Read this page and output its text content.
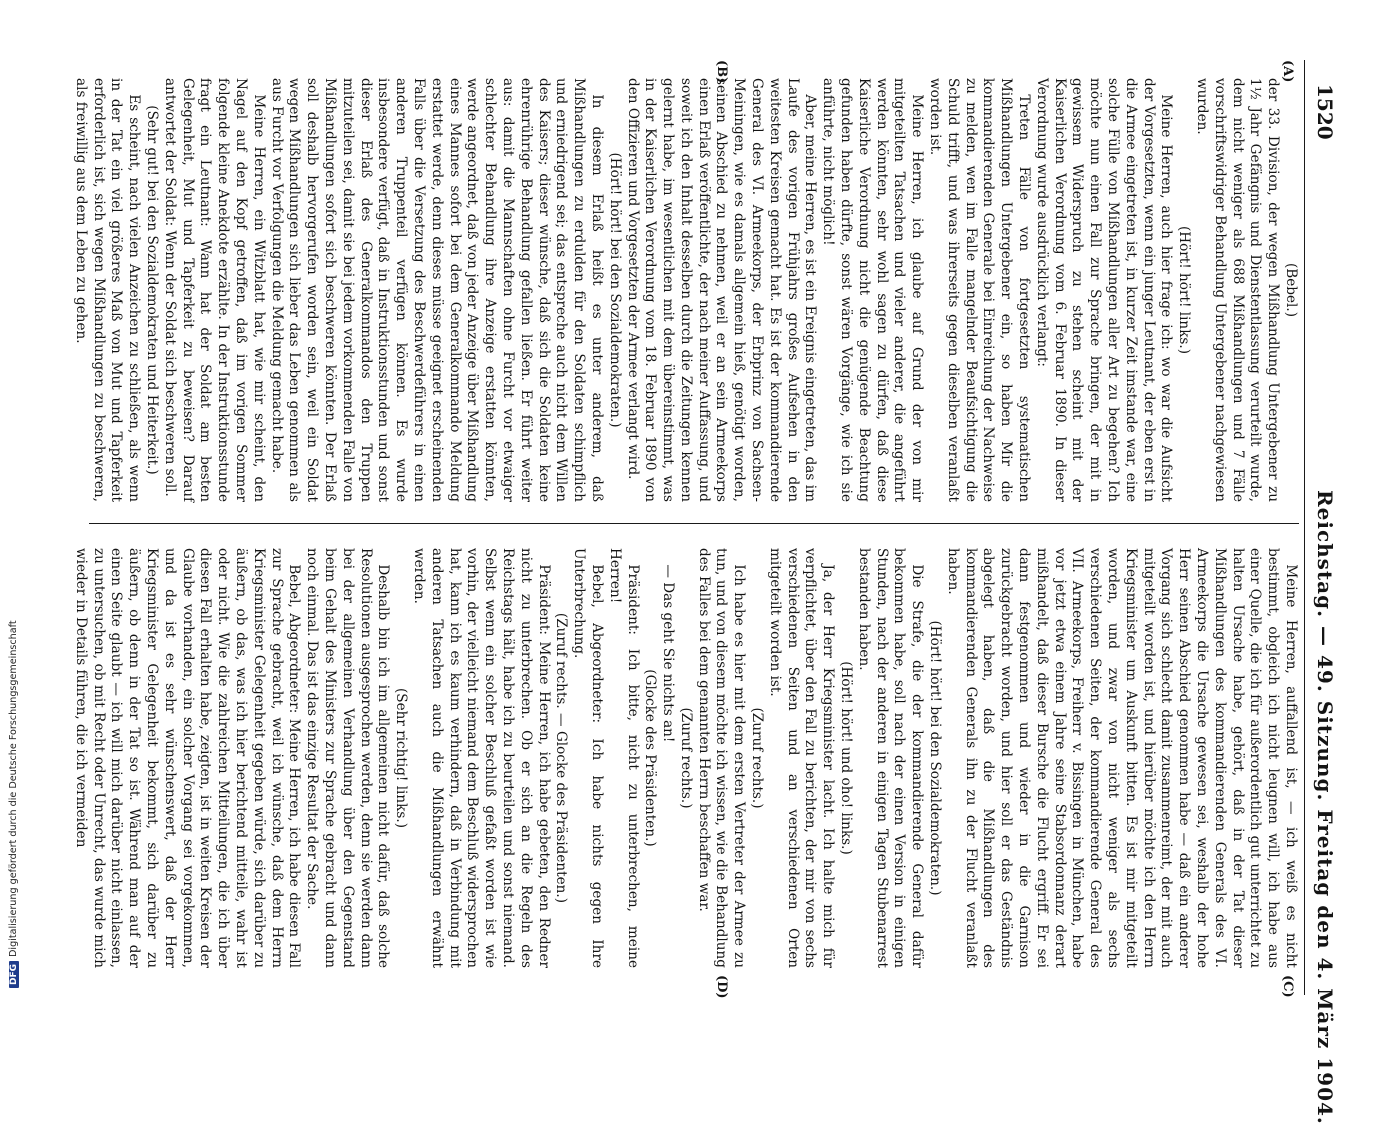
1520
Reichstag. — 49. Sitzung. Freitag den 4. März 1904.
(A)
(B)
(C)
(D)

(Bebel.)

der 33. Division, der wegen Mißhandlung Untergebener zu 1½ Jahr Gefängnis und Dienstentlassung verurteilt wurde, dem nicht weniger als 688 Mißhandlungen und 7 Fälle vorschriftswidriger Behandlung Untergebener nachgewiesen wurden.

(Hört! hört! links.)

Meine Herren, auch hier frage ich: wo war die Aufsicht der Vorgesetzten, wenn ein junger Leutnant, der eben erst in die Armee eingetreten ist, in kurzer Zeit imstande war, eine solche Fülle von Mißhandlungen aller Art zu begehen? Ich möchte nun einen Fall zur Sprache bringen, der mit in gewissem Widerspruch zu stehen scheint mit der Kaiserlichen Verordnung vom 6. Februar 1890. In dieser Verordnung wurde ausdrücklich verlangt:

Treten Fälle von fortgesetzten systematischen Mißhandlungen Untergebener ein, so haben Mir die kommandierenden Generale bei Einreichung der Nachweise zu melden, wen im Falle mangelnder Beaufsichtigung die Schuld trifft, und was ihrerseits gegen dieselben veranlaßt worden ist.

Meine Herren, ich glaube auf Grund der von mir mitgeteilten Tatsachen und vieler anderer, die angeführt werden könnten, sehr wohl sagen zu dürfen, daß diese Kaiserliche Verordnung nicht die genügende Beachtung gefunden haben dürfte, sonst wären Vorgänge, wie ich sie anführte, nicht möglich!

Aber, meine Herren, es ist ein Ereignis eingetreten, das im Laufe des vorigen Frühjahrs großes Aufsehen in den weitesten Kreisen gemacht hat. Es ist der kommandierende General des VI. Armeekorps, der Erbprinz von Sachsen-Meiningen, wie es damals allgemein hieß, genötigt worden, seinen Abschied zu nehmen, weil er an sein Armeekorps einen Erlaß veröffentlichte, der nach meiner Auffassung, und soweit ich den Inhalt desselben durch die Zeitungen kennen gelernt habe, im wesentlichen mit dem übereinstimmt, was in der Kaiserlichen Verordnung vom 18. Februar 1890 von den Offizieren und Vorgesetzten der Armee verlangt wird.

(Hört! hört! bei den Sozialdemokraten.)

In diesem Erlaß heißt es unter anderem, daß Mißhandlungen zu erdulden für den Soldaten schimpflich und erniedrigend sei; das entspreche auch nicht dem Willen des Kaisers; dieser wünsche, daß sich die Soldaten keine ehrenrührige Behandlung gefallen ließen. Er führt weiter aus: damit die Mannschaften ohne Furcht vor etwaiger schlechter Behandlung ihre Anzeige erstatten könnten, werde angeordnet, daß von jeder Anzeige über Mißhandlung eines Mannes sofort bei dem Generalkommando Meldung erstattet werde, denn dieses müsse geeignet erscheinenden Falls über die Versetzung des Beschwerdeführers in einen anderen Truppenteil verfügen können. Es wurde insbesondere verfügt, daß in Instruktionsstunden und sonst dieser Erlaß des Generalkommandos den Truppen mitzuteilen sei, damit sie bei jedem vorkommenden Falle von Mißhandlungen sofort sich beschweren könnten. Der Erlaß soll deshalb hervorgerufen worden sein, weil ein Soldat wegen Mißhandlungen sich lieber das Leben genommen als aus Furcht vor Verfolgungen die Meldung gemacht habe.

Meine Herren, ein Witzblatt hat, wie mir scheint, den Nagel auf den Kopf getroffen, daß im vorigen Sommer folgende kleine Anekdote erzählte. In der Instruktionsstunde fragt ein Leutnant: Wann hat der Soldat am besten Gelegenheit, Mut und Tapferkeit zu beweisen? Darauf antwortet der Soldat: Wenn der Soldat sich beschweren soll.

(Sehr gut! bei den Sozialdemokraten und Heiterkeit.)

Es scheint, nach vielen Anzeichen zu schließen, als wenn in der Tat ein viel größeres Maß von Mut und Tapferkeit erforderlich ist, sich wegen Mißhandlungen zu beschweren, als freiwillig aus dem Leben zu gehen.

Meine Herren, auffallend ist, — ich weiß es nicht bestimmt, obgleich ich nicht leugnen will, ich habe aus einer Quelle, die ich für außerordentlich gut unterrichtet zu halten Ursache habe, gehört, daß in der Tat dieser Mißhandlungen des kommandierenden Generals des VI. Armeekorps die Ursache gewesen sei, weshalb der hohe Herr seinen Abschied genommen habe — daß ein anderer Vorgang sich schlecht damit zusammenreimt, der mit auch mitgeteilt worden ist, und hierüber möchte ich den Herrn Kriegsminister um Auskunft bitten. Es ist mir mitgeteilt worden, und zwar von nicht weniger als sechs verschiedenen Seiten, der kommandierende General des VII. Armeekorps, Freiherr v. Bissingen in München, habe vor jetzt etwa einem Jahre seine Stabsordonnanz derart mißhandelt, daß dieser Bursche die Flucht ergriff. Er sei dann festgenommen und wieder in die Garnison zurückgebracht worden, und hier soll er das Geständnis abgelegt haben, daß die Mißhandlungen des kommandierenden Generals ihn zu der Flucht veranlaßt haben.

(Hört! hört! bei den Sozialdemokraten.)

Die Strafe, die der kommandierende General dafür bekommen habe, soll nach der einen Version in einigen Stunden, nach der anderen in einigen Tagen Stubenarrest bestanden haben.

(Hört! hört! und oho! links.)

Ja, der Herr Kriegsminister lacht. Ich halte mich für verpflichtet, über den Fall zu berichten, der mir von sechs verschiedenen Seiten und an verschiedenen Orten mitgeteilt worden ist.

(Zuruf rechts.)

Ich habe es hier mit dem ersten Vertreter der Armee zu tun, und von diesem möchte ich wissen, wie die Behandlung des Falles bei dem genannten Herrn beschaffen war.

(Zuruf rechts.)

— Das geht Sie nichts an!

(Glocke des Präsidenten.)

Präsident: Ich bitte, nicht zu unterbrechen, meine Herren!

Bebel, Abgeordneter: Ich habe nichts gegen Ihre Unterbrechung.

(Zuruf rechts. — Glocke des Präsidenten.)

Präsident: Meine Herren, ich habe gebeten, den Redner nicht zu unterbrechen. Ob er sich an die Regeln des Reichstags hält, habe ich zu beurteilen und sonst niemand. Selbst wenn ein solcher Beschluß gefaßt worden ist wie vorhin, der vielleicht niemand dem Beschluß widersprochen hat, kann ich es kaum verhindern, daß in Verbindung mit anderen Tatsachen auch die Mißhandlungen erwähnt werden.

(Sehr richtig! links.)

Deshalb bin ich im allgemeinen nicht dafür, daß solche Resolutionen ausgesprochen werden, denn sie werden dann bei der allgemeinen Verhandlung über den Gegenstand beim Gehalt des Ministers zur Sprache gebracht und dann noch einmal. Das ist das einzige Resultat der Sache.

Bebel, Abgeordneter: Meine Herren, ich habe diesen Fall zur Sprache gebracht, weil ich wünsche, daß dem Herrn Kriegsminister Gelegenheit gegeben würde, sich darüber zu äußern, ob das, was ich hier berichtend mitteile, wahr ist oder nicht. Wie die zahlreichen Mitteilungen, die ich über diesen Fall erhalten habe, zeigten, ist in weiten Kreisen der Glaube vorhanden, ein solcher Vorgang sei vorgekommen, und da ist es sehr wünschenswert, daß der Herr Kriegsminister Gelegenheit bekommt, sich darüber zu äußern, ob denn in der Tat so ist. Während man auf der einen Seite glaubt — ich will mich darüber nicht einlassen, zu untersuchen, ob mit Recht oder Unrecht, das wurde mich wieder in Details führen, die ich vermeiden

DFGDigitalisierung gefördert durch die Deutsche Forschungsgemeinschaft
